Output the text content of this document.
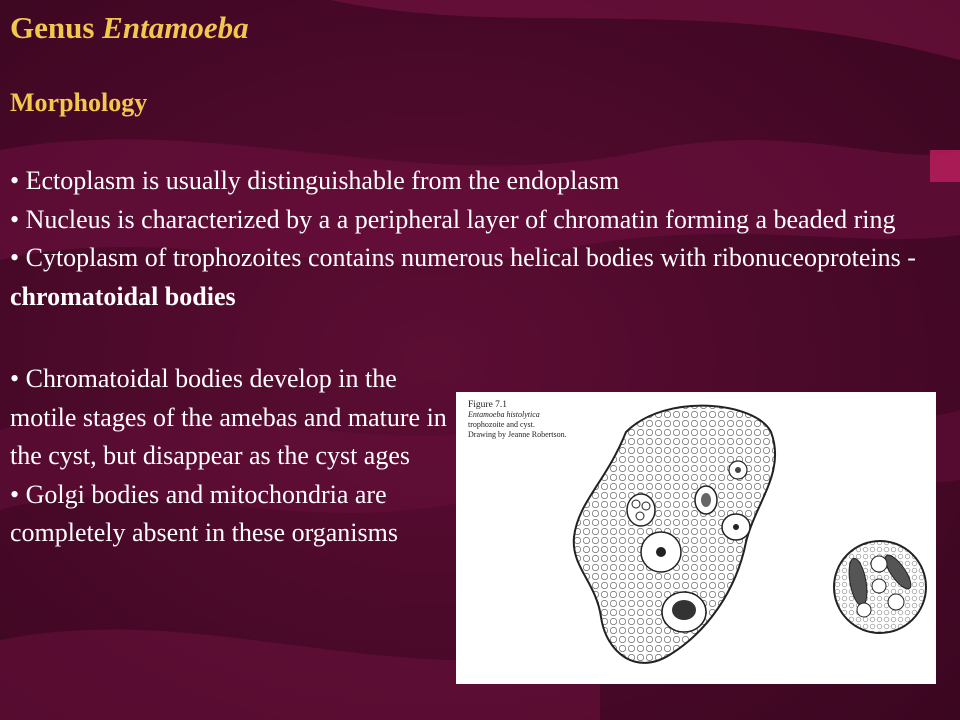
Genus Entamoeba
Morphology

• Ectoplasm is usually distinguishable from the endoplasm

• Nucleus is characterized by a a peripheral layer of chromatin forming a beaded ring

• Cytoplasm of trophozoites contains numerous helical bodies with ribonuceoproteins - chromatoidal bodies

• Chromatoidal bodies develop in the motile stages of the amebas and mature in the cyst, but disappear as the cyst ages

• Golgi bodies and mitochondria are completely absent in these organisms

Figure 7.1
Entamoeba histolytica
trophozoite and cyst.
Drawing by Jeanne Robertson.
